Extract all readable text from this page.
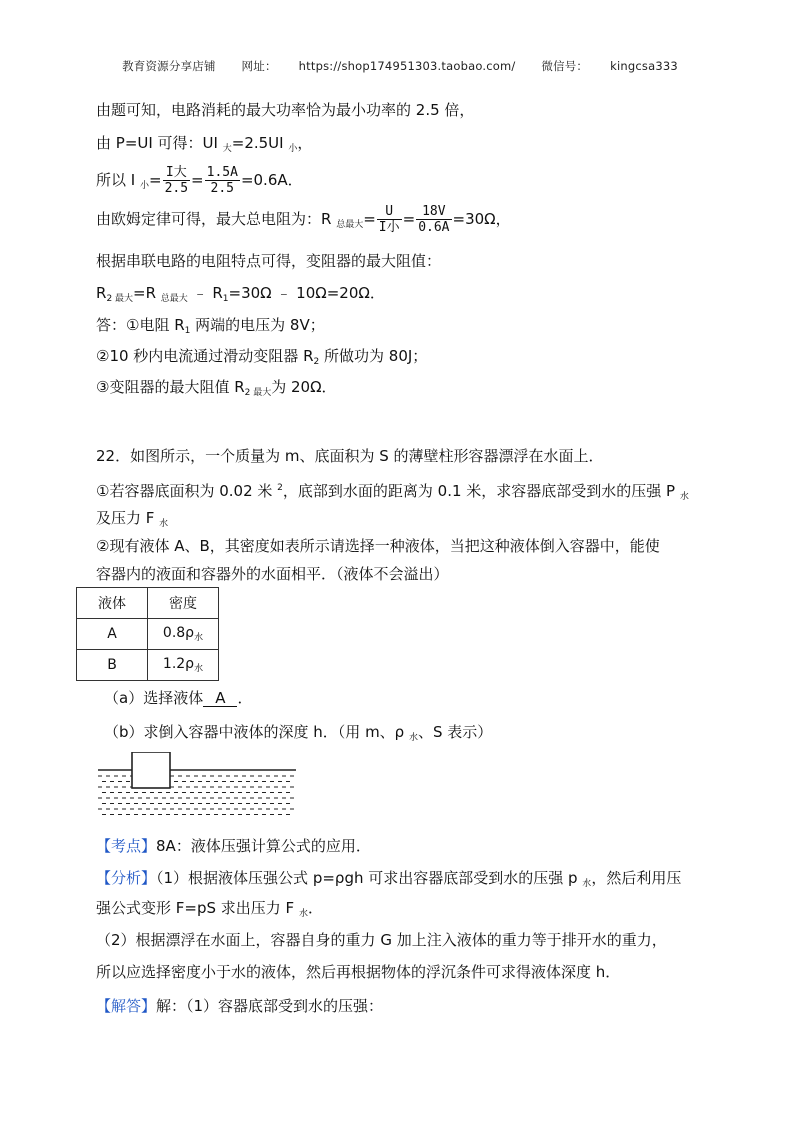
教育资源分享店铺 网址： https://shop174951303.taobao.com/ 微信号： kingcsa333
由题可知，电路消耗的最大功率恰为最小功率的 2.5 倍，
由 P=UI 可得：UI $_大$=2.5UI $_小$，
所以 I $_小= \frac{\text{I大}}{2.5} = \frac{1.5A}{2.5} =0.6A$．
由欧姆定律可得，最大总电阻为：R $_{总最大}= \frac{U}{\text{I小}} = \frac{18V}{0.6A} =30\Omega$，
根据串联电路的电阻特点可得，变阻器的最大阻值：
$R_{2 最大}=R$ $_{总最大}$ ﹣ $R_1=30\Omega$ ﹣ 10Ω=20Ω．
答：①电阻 $R_1$ 两端的电压为 8V；
②10 秒内电流通过滑动变阻器 $R_2$ 所做功为 80J；
③变阻器的最大阻值 $R_{2 最大}$为 20Ω．
22．如图所示，一个质量为 m、底面积为 S 的薄壁柱形容器漂浮在水面上．
①若容器底面积为 0.02 米 $^2$，底部到水面的距离为 0.1 米，求容器底部受到水的压强 P $_水$
及压力 F $_水$
②现有液体 A、B，其密度如表所示请选择一种液体，当把这种液体倒入容器中，能使
容器内的液面和容器外的水面相平．（液体不会溢出）
液体	密度
A	$0.8\rho_水$
B	$1.2\rho_水$
（a）选择液体 A ．
（b）求倒入容器中液体的深度 h．（用 m、ρ $_水$、S 表示）
【考点】8A：液体压强计算公式的应用．
【分析】（1）根据液体压强公式 p=ρgh 可求出容器底部受到水的压强 p $_水$，然后利用压
强公式变形 F=pS 求出压力 F $_水$．
（2）根据漂浮在水面上，容器自身的重力 G 加上注入液体的重力等于排开水的重力，
所以应选择密度小于水的液体，然后再根据物体的浮沉条件可求得液体深度 h．
【解答】解：（1）容器底部受到水的压强：
